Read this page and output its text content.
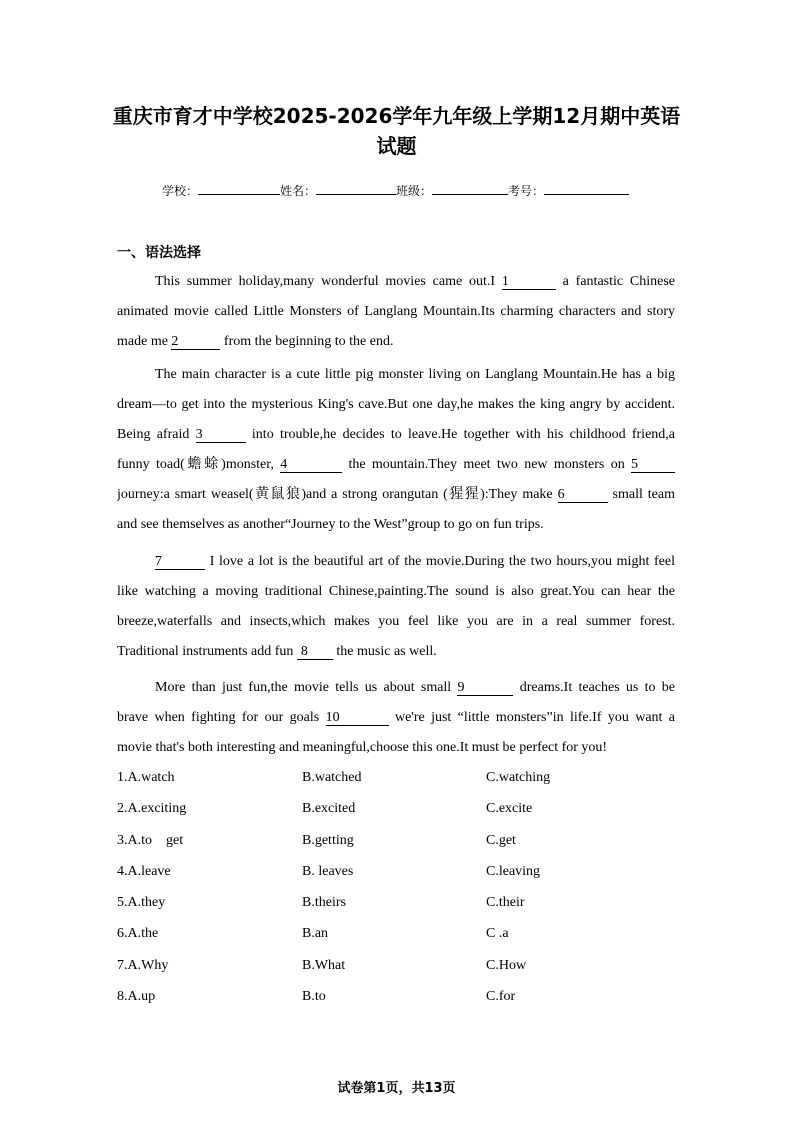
重庆市育才中学校2025-2026学年九年级上学期12月期中英语
试题
学校：	姓名：	班级：	考号：
一、语法选择
This summer holiday,many wonderful movies came out.I 1	a fantastic Chinese
animated movie called Little Monsters of Langlang Mountain.Its charming characters and story
made me 2	from the beginning to the end.
The main character is a cute little pig monster living on Langlang Mountain.He has a big
dream—to get into the mysterious King's cave.But one day,he makes the king angry by accident.
Being afraid 3	into trouble,he decides to leave.He together with his childhood friend,a
funny toad(蟾蜍)monster, 4	the mountain.They meet two new monsters on 5
journey:a smart weasel(黄鼠狼)and a strong orangutan (猩猩):They make 6	small team
and see themselves as another“Journey to the West”group to go on fun trips.
7	I love a lot is the beautiful art of the movie.During the two hours,you might feel
like watching a moving traditional Chinese,painting.The sound is also great.You can hear the
breeze,waterfalls and insects,which makes you feel like you are in a real summer forest.
Traditional instruments add fun 8 the music as well.
More than just fun,the movie tells us about small 9	dreams.It teaches us to be
brave when fighting for our goals 10	we're just “little monsters”in life.If you want a
movie that's both interesting and meaningful,choose this one.It must be perfect for you!
1.A.watch	B.watched	C.watching
2.A.exciting	B.excited	C.excite
3.A.to    get	B.getting	C.get
4.A.leave	B. leaves	C.leaving
5.A.they	B.theirs	C.their
6.A.the	B.an	C .a
7.A.Why	B.What	C.How
8.A.up	B.to	C.for
试卷第1页，共13页
